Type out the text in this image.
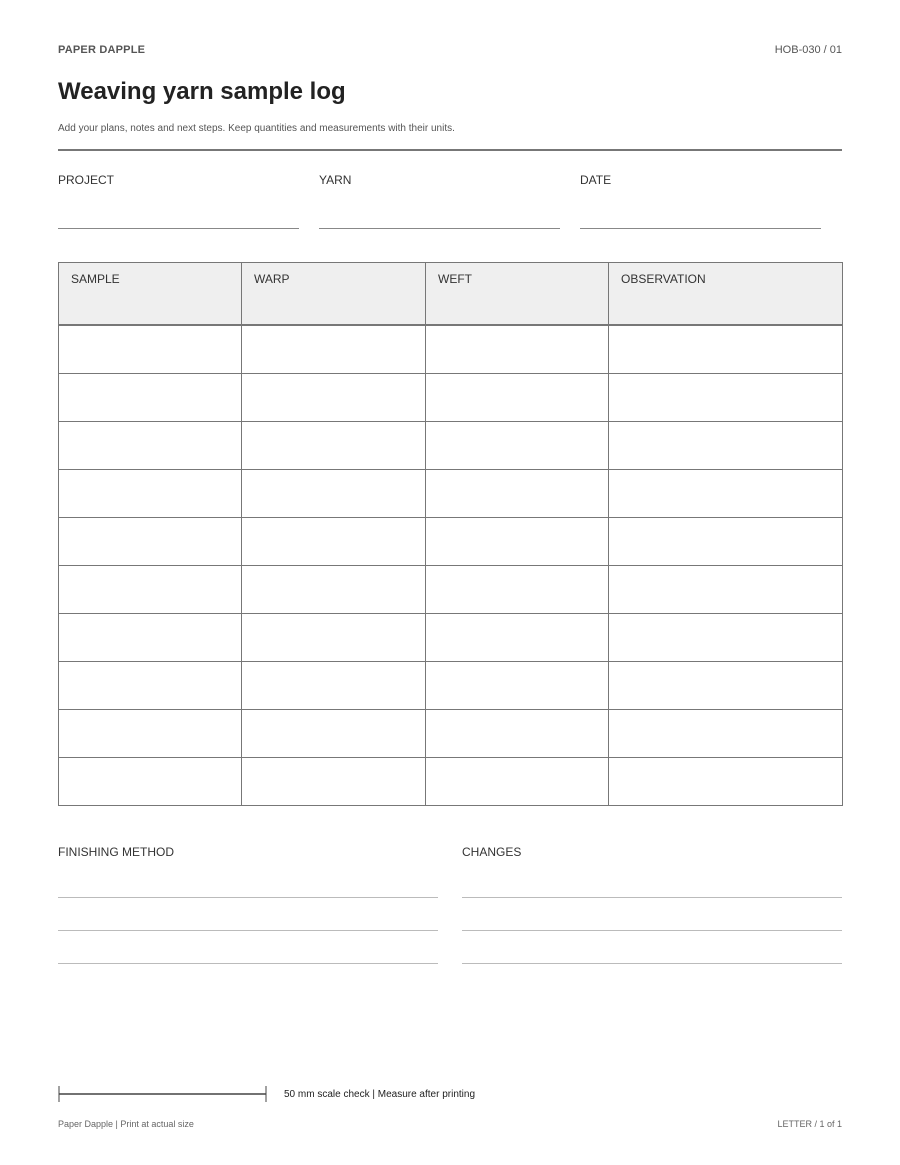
PAPER DAPPLE	HOB-030 / 01
Weaving yarn sample log
Add your plans, notes and next steps. Keep quantities and measurements with their units.
PROJECT	YARN	DATE
SAMPLE	WARP	WEFT	OBSERVATION

FINISHING METHOD	CHANGES
50 mm scale check | Measure after printing
Paper Dapple | Print at actual size	LETTER / 1 of 1
